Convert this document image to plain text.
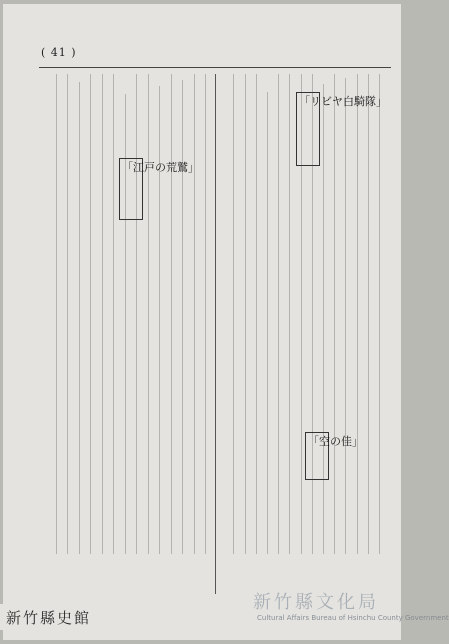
( 41 )
「江戸の荒鷲」
「リビヤ白騎隊」
「空の佳」
新竹縣文化局
Cultural Affairs Bureau of Hsinchu County Government
新竹縣史館
